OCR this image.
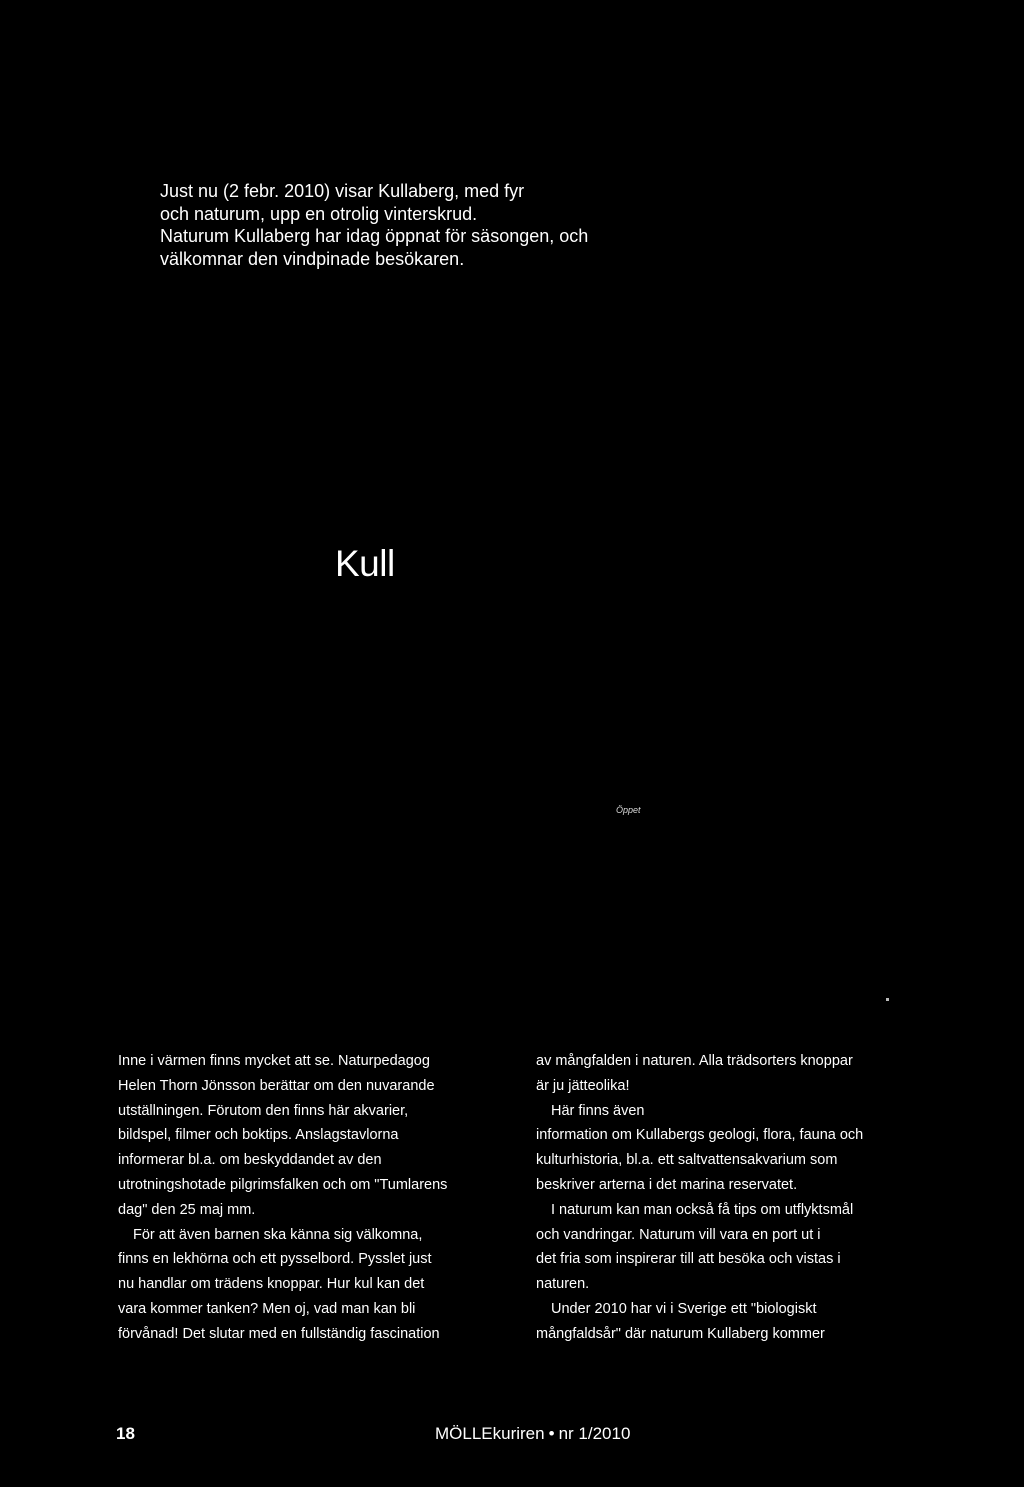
Just nu (2 febr. 2010) visar Kullaberg, med fyr
och naturum, upp en otrolig vinterskrud.
Naturum Kullaberg har idag öppnat för säsongen, och
välkomnar den vindpinade besökaren.
Kull
Öppet
Inne i värmen finns mycket att se. Naturpedagog
Helen Thorn Jönsson berättar om den nuvarande
utställningen. Förutom den finns här akvarier,
bildspel, filmer och boktips. Anslagstavlorna
informerar bl.a. om beskyddandet av den
utrotningshotade pilgrimsfalken och om "Tumlarens
dag" den 25 maj mm.
För att även barnen ska känna sig välkomna,
finns en lekhörna och ett pysselbord. Pysslet just
nu handlar om trädens knoppar. Hur kul kan det
vara kommer tanken? Men oj, vad man kan bli
förvånad! Det slutar med en fullständig fascination
av mångfalden i naturen. Alla trädsorters knoppar
är ju jätteolika!
Här finns även
information om Kullabergs geologi, flora, fauna och
kulturhistoria, bl.a. ett saltvattensakvarium som
beskriver arterna i det marina reservatet.
I naturum kan man också få tips om utflyktsmål
och vandringar. Naturum vill vara en port ut i
det fria som inspirerar till att besöka och vistas i
naturen.
Under 2010 har vi i Sverige ett "biologiskt
mångfaldsår" där naturum Kullaberg kommer
18	MÖLLEkuriren • nr 1/2010
